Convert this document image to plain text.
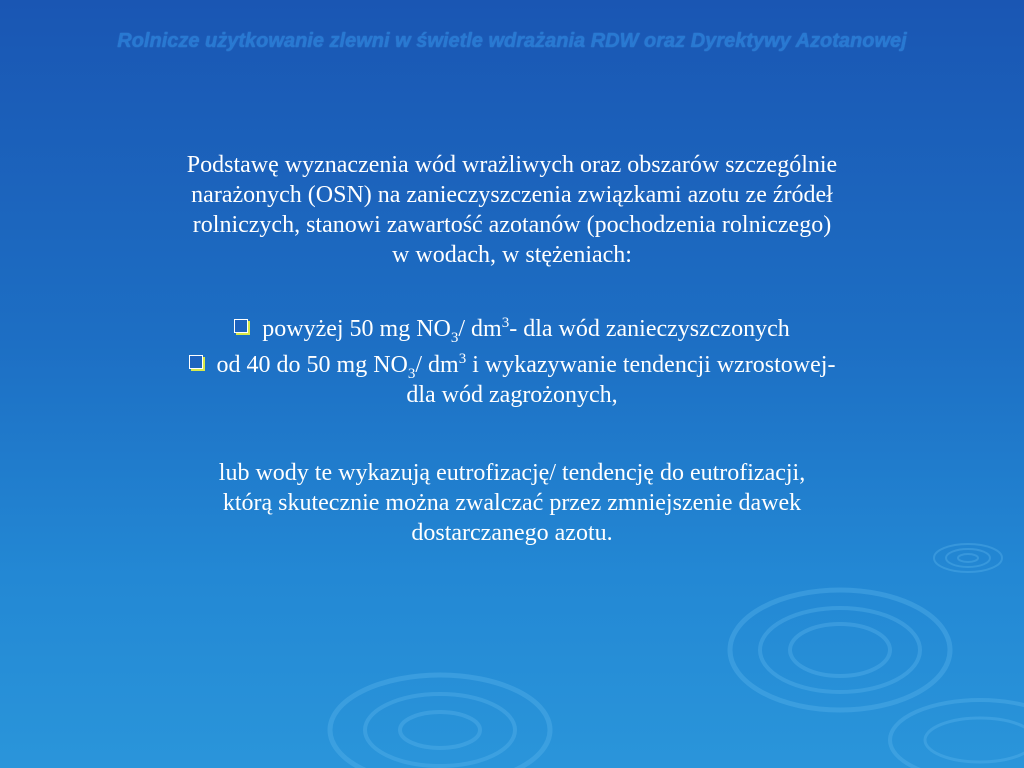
Rolnicze użytkowanie zlewni w świetle wdrażania RDW oraz Dyrektywy Azotanowej
Podstawę wyznaczenia wód wrażliwych oraz obszarów szczególnie
narażonych (OSN) na zanieczyszczenia związkami azotu ze źródeł
rolniczych, stanowi zawartość azotanów (pochodzenia rolniczego)
w wodach, w stężeniach:
powyżej 50 mg $NO_3/$ $dm^3-$ dla wód zanieczyszczonych
od 40 do 50 mg $NO_3/$ $dm^3$ i wykazywanie tendencji wzrostowej-
dla wód zagrożonych,
lub wody te wykazują eutrofizację/ tendencję do eutrofizacji,
którą skutecznie można zwalczać przez zmniejszenie dawek
dostarczanego azotu.
